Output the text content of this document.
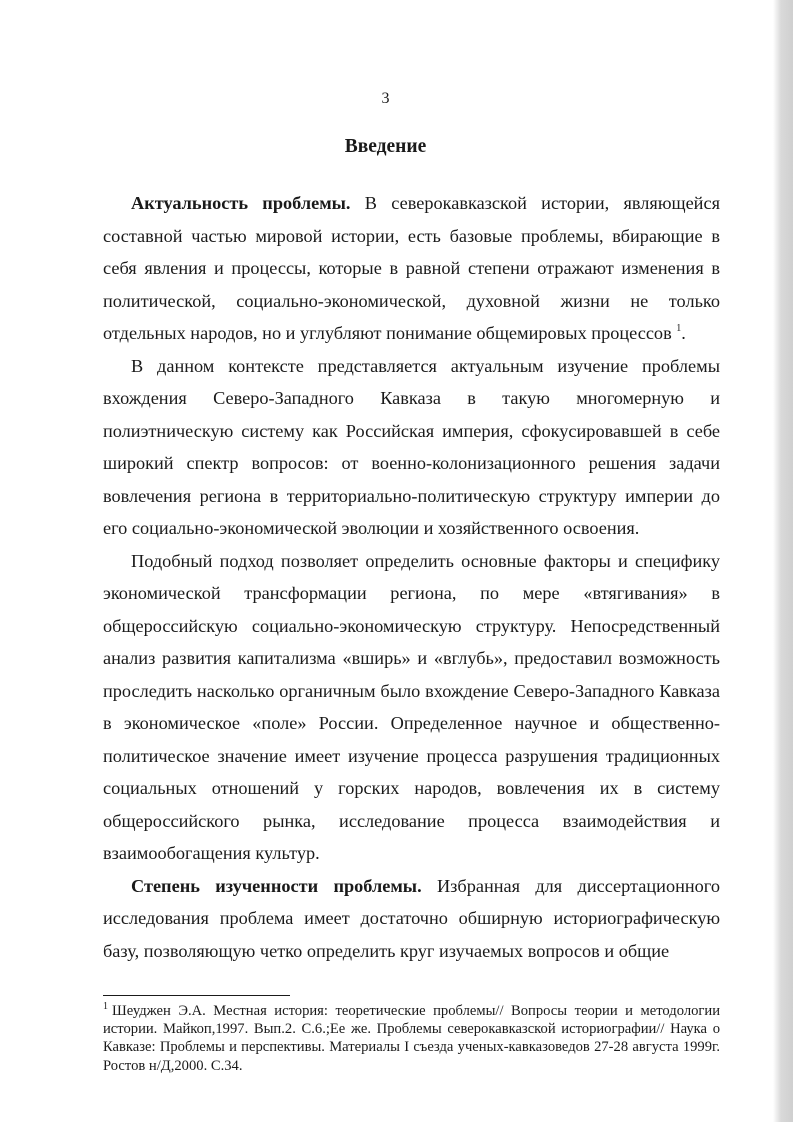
3
Введение

Актуальность проблемы. В северокавказской истории, являющейся составной частью мировой истории, есть базовые проблемы, вбирающие в себя явления и процессы, которые в равной степени отражают изменения в политической, социально-экономической, духовной жизни не только отдельных народов, но и углубляют понимание общемировых процессов $^1$.

В данном контексте представляется актуальным изучение проблемы вхождения Северо-Западного Кавказа в такую многомерную и полиэтническую систему как Российская империя, сфокусировавшей в себе широкий спектр вопросов: от военно-колонизационного решения задачи вовлечения региона в территориально-политическую структуру империи до его социально-экономической эволюции и хозяйственного освоения.

Подобный подход позволяет определить основные факторы и специфику экономической трансформации региона, по мере «втягивания» в общероссийскую социально-экономическую структуру. Непосредственный анализ развития капитализма «вширь» и «вглубь», предоставил возможность проследить насколько органичным было вхождение Северо-Западного Кавказа в экономическое «поле» России. Определенное научное и общественно-политическое значение имеет изучение процесса разрушения традиционных социальных отношений у горских народов, вовлечения их в систему общероссийского рынка, исследование процесса взаимодействия и взаимообогащения культур.

Степень изученности проблемы. Избранная для диссертационного исследования проблема имеет достаточно обширную историографическую базу, позволяющую четко определить круг изучаемых вопросов и общие

$^1$ Шеуджен Э.А. Местная история: теоретические проблемы// Вопросы теории и методологии истории. Майкоп,1997. Вып.2. С.6.;Ее же. Проблемы северокавказской историографии// Наука о Кавказе: Проблемы и перспективы. Материалы I съезда ученых-кавказоведов 27-28 августа 1999г. Ростов н/Д,2000. С.34.
